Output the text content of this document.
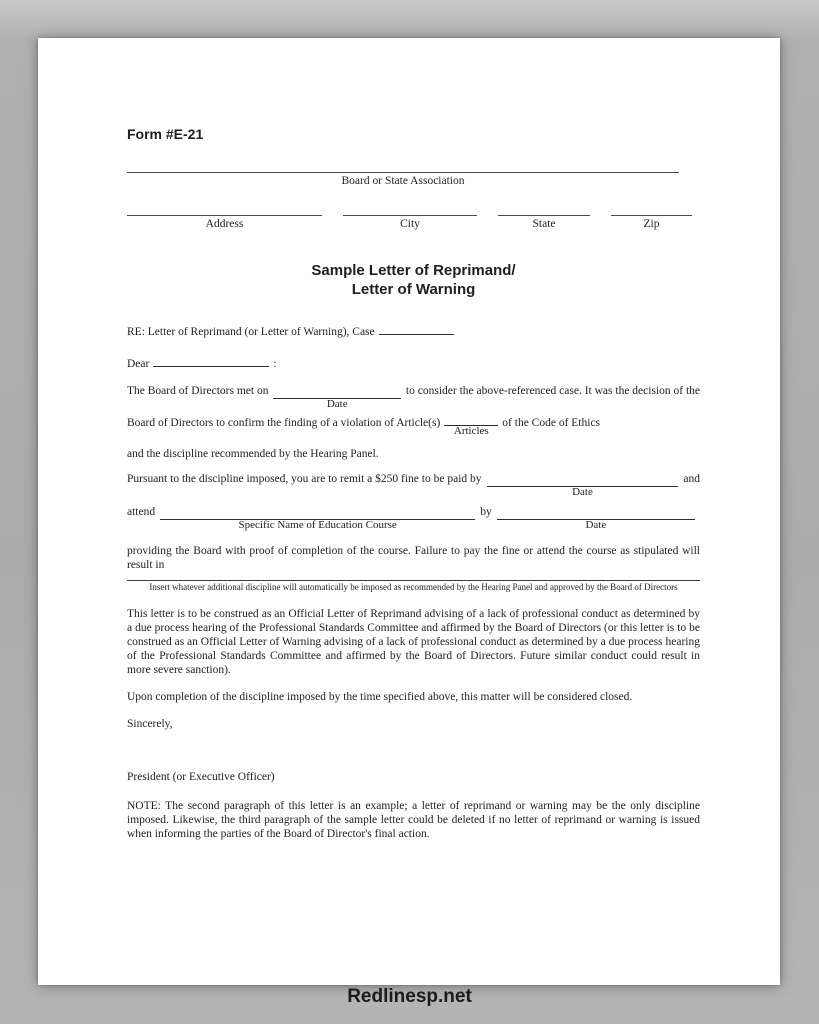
Form #E-21
Board or State Association
Address	City	State	Zip
Sample Letter of Reprimand/
Letter of Warning

RE: Letter of Reprimand (or Letter of Warning), Case

Dear	:

The Board of Directors met on
Date
to consider the above-referenced case. It was the decision of the

Board of Directors to confirm the finding of a violation of Article(s)
Articles
of the Code of Ethics

and the discipline recommended by the Hearing Panel.

Pursuant to the discipline imposed, you are to remit a $250 fine to be paid by
Date
and

attend
Specific Name of Education Course
by
Date

providing the Board with proof of completion of the course. Failure to pay the fine or attend the course as stipulated will result in

Insert whatever additional discipline will automatically be imposed as recommended by the Hearing Panel and approved by the Board of Directors

This letter is to be construed as an Official Letter of Reprimand advising of a lack of professional conduct as determined by a due process hearing of the Professional Standards Committee and affirmed by the Board of Directors (or this letter is to be construed as an Official Letter of Warning advising of a lack of professional conduct as determined by a due process hearing of the Professional Standards Committee and affirmed by the Board of Directors. Future similar conduct could result in more severe sanction).

Upon completion of the discipline imposed by the time specified above, this matter will be considered closed.

Sincerely,

President (or Executive Officer)

NOTE: The second paragraph of this letter is an example; a letter of reprimand or warning may be the only discipline imposed. Likewise, the third paragraph of the sample letter could be deleted if no letter of reprimand or warning is issued when informing the parties of the Board of Director's final action.

Redlinesp.net
